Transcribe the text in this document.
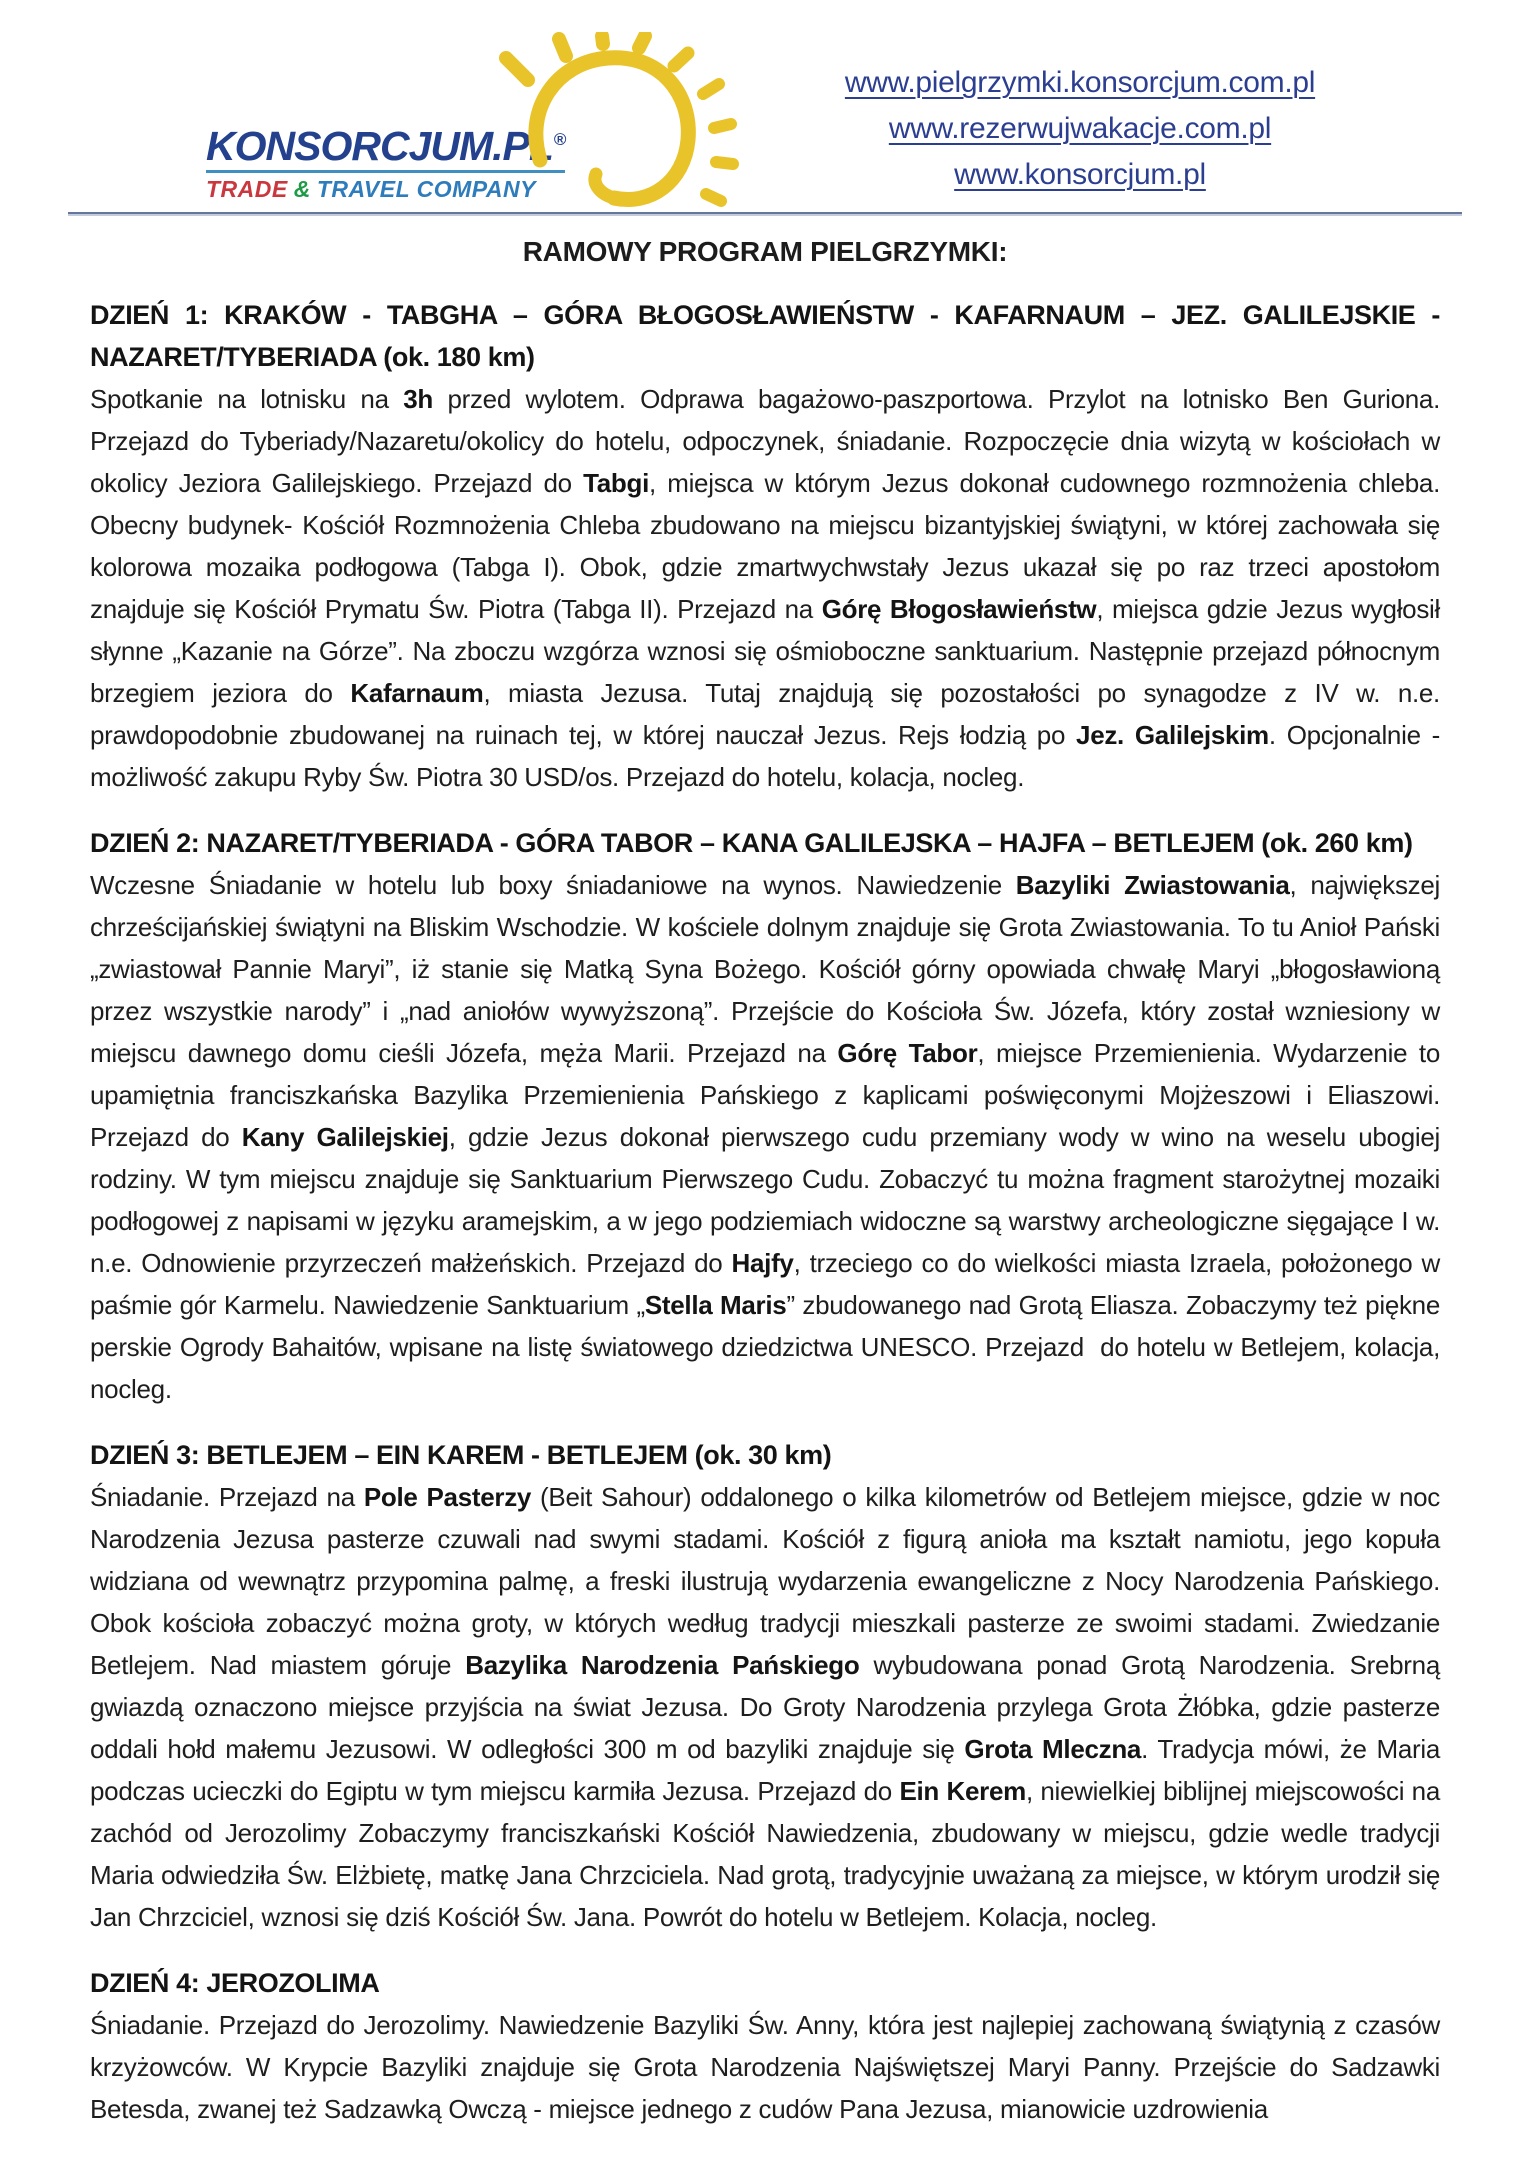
KONSORCJUM.PL®
TRADE & TRAVEL COMPANY
www.pielgrzymki.konsorcjum.com.pl
www.rezerwujwakacje.com.pl
www.konsorcjum.pl
RAMOWY PROGRAM PIELGRZYMKI:
DZIEŃ 1: KRAKÓW - TABGHA – GÓRA BŁOGOSŁAWIEŃSTW - KAFARNAUM – JEZ. GALILEJSKIE - NAZARET/TYBERIADA (ok. 180 km)

Spotkanie na lotnisku na 3h przed wylotem. Odprawa bagażowo-paszportowa. Przylot na lotnisko Ben Guriona. Przejazd do Tyberiady/Nazaretu/okolicy do hotelu, odpoczynek, śniadanie. Rozpoczęcie dnia wizytą w kościołach w okolicy Jeziora Galilejskiego. Przejazd do Tabgi, miejsca w którym Jezus dokonał cudownego rozmnożenia chleba. Obecny budynek- Kościół Rozmnożenia Chleba zbudowano na miejscu bizantyjskiej świątyni, w której zachowała się kolorowa mozaika podłogowa (Tabga I). Obok, gdzie zmartwychwstały Jezus ukazał się po raz trzeci apostołom znajduje się Kościół Prymatu Św. Piotra (Tabga II). Przejazd na Górę Błogosławieństw, miejsca gdzie Jezus wygłosił słynne „Kazanie na Górze”. Na zboczu wzgórza wznosi się ośmioboczne sanktuarium. Następnie przejazd północnym brzegiem jeziora do Kafarnaum, miasta Jezusa. Tutaj znajdują się pozostałości po synagodze z IV w. n.e. prawdopodobnie zbudowanej na ruinach tej, w której nauczał Jezus. Rejs łodzią po Jez. Galilejskim. Opcjonalnie - możliwość zakupu Ryby Św. Piotra 30 USD/os. Przejazd do hotelu, kolacja, nocleg.

DZIEŃ 2: NAZARET/TYBERIADA - GÓRA TABOR – KANA GALILEJSKA – HAJFA – BETLEJEM (ok. 260 km)

Wczesne Śniadanie w hotelu lub boxy śniadaniowe na wynos. Nawiedzenie Bazyliki Zwiastowania, największej chrześcijańskiej świątyni na Bliskim Wschodzie. W kościele dolnym znajduje się Grota Zwiastowania. To tu Anioł Pański „zwiastował Pannie Maryi”, iż stanie się Matką Syna Bożego. Kościół górny opowiada chwałę Maryi „błogosławioną przez wszystkie narody” i „nad aniołów wywyższoną”. Przejście do Kościoła Św. Józefa, który został wzniesiony w miejscu dawnego domu cieśli Józefa, męża Marii. Przejazd na Górę Tabor, miejsce Przemienienia. Wydarzenie to upamiętnia franciszkańska Bazylika Przemienienia Pańskiego z kaplicami poświęconymi Mojżeszowi i Eliaszowi. Przejazd do Kany Galilejskiej, gdzie Jezus dokonał pierwszego cudu przemiany wody w wino na weselu ubogiej rodziny. W tym miejscu znajduje się Sanktuarium Pierwszego Cudu. Zobaczyć tu można fragment starożytnej mozaiki podłogowej z napisami w języku aramejskim, a w jego podziemiach widoczne są warstwy archeologiczne sięgające I w. n.e. Odnowienie przyrzeczeń małżeńskich. Przejazd do Hajfy, trzeciego co do wielkości miasta Izraela, położonego w paśmie gór Karmelu. Nawiedzenie Sanktuarium „Stella Maris” zbudowanego nad Grotą Eliasza. Zobaczymy też piękne perskie Ogrody Bahaitów, wpisane na listę światowego dziedzictwa UNESCO. Przejazd  do hotelu w Betlejem, kolacja, nocleg.

DZIEŃ 3: BETLEJEM – EIN KAREM - BETLEJEM (ok. 30 km)

Śniadanie. Przejazd na Pole Pasterzy (Beit Sahour) oddalonego o kilka kilometrów od Betlejem miejsce, gdzie w noc Narodzenia Jezusa pasterze czuwali nad swymi stadami. Kościół z figurą anioła ma kształt namiotu, jego kopuła widziana od wewnątrz przypomina palmę, a freski ilustrują wydarzenia ewangeliczne z Nocy Narodzenia Pańskiego. Obok kościoła zobaczyć można groty, w których według tradycji mieszkali pasterze ze swoimi stadami. Zwiedzanie Betlejem. Nad miastem góruje Bazylika Narodzenia Pańskiego wybudowana ponad Grotą Narodzenia. Srebrną gwiazdą oznaczono miejsce przyjścia na świat Jezusa. Do Groty Narodzenia przylega Grota Żłóbka, gdzie pasterze oddali hołd małemu Jezusowi. W odległości 300 m od bazyliki znajduje się Grota Mleczna. Tradycja mówi, że Maria podczas ucieczki do Egiptu w tym miejscu karmiła Jezusa. Przejazd do Ein Kerem, niewielkiej biblijnej miejscowości na zachód od Jerozolimy Zobaczymy franciszkański Kościół Nawiedzenia, zbudowany w miejscu, gdzie wedle tradycji Maria odwiedziła Św. Elżbietę, matkę Jana Chrzciciela. Nad grotą, tradycyjnie uważaną za miejsce, w którym urodził się Jan Chrzciciel, wznosi się dziś Kościół Św. Jana. Powrót do hotelu w Betlejem. Kolacja, nocleg.

DZIEŃ 4: JEROZOLIMA

Śniadanie. Przejazd do Jerozolimy. Nawiedzenie Bazyliki Św. Anny, która jest najlepiej zachowaną świątynią z czasów krzyżowców. W Krypcie Bazyliki znajduje się Grota Narodzenia Najświętszej Maryi Panny. Przejście do Sadzawki Betesda, zwanej też Sadzawką Owczą - miejsce jednego z cudów Pana Jezusa, mianowicie uzdrowienia
